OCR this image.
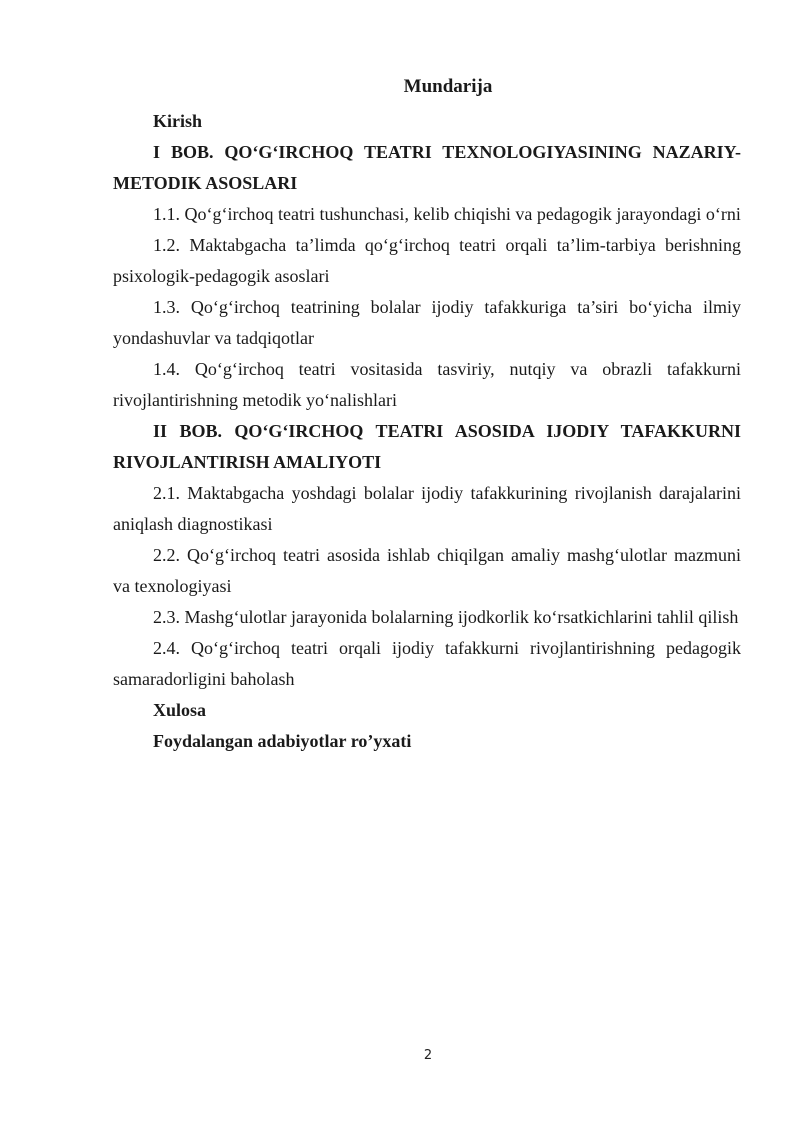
Mundarija

Kirish

I BOB. QO‘G‘IRCHOQ TEATRI TEXNOLOGIYASINING NAZARIY-METODIK ASOSLARI

1.1. Qo‘g‘irchoq teatri tushunchasi, kelib chiqishi va pedagogik jarayondagi o‘rni

1.2. Maktabgacha ta’limda qo‘g‘irchoq teatri orqali ta’lim-tarbiya berishning psixologik-pedagogik asoslari

1.3. Qo‘g‘irchoq teatrining bolalar ijodiy tafakkuriga ta’siri bo‘yicha ilmiy yondashuvlar va tadqiqotlar

1.4. Qo‘g‘irchoq teatri vositasida tasviriy, nutqiy va obrazli tafakkurni rivojlantirishning metodik yo‘nalishlari

II BOB. QO‘G‘IRCHOQ TEATRI ASOSIDA IJODIY TAFAKKURNI RIVOJLANTIRISH AMALIYOTI

2.1. Maktabgacha yoshdagi bolalar ijodiy tafakkurining rivojlanish darajalarini aniqlash diagnostikasi

2.2. Qo‘g‘irchoq teatri asosida ishlab chiqilgan amaliy mashg‘ulotlar mazmuni va texnologiyasi

2.3. Mashg‘ulotlar jarayonida bolalarning ijodkorlik ko‘rsatkichlarini tahlil qilish

2.4. Qo‘g‘irchoq teatri orqali ijodiy tafakkurni rivojlantirishning pedagogik samaradorligini baholash

Xulosa

Foydalangan adabiyotlar ro’yxati

2
